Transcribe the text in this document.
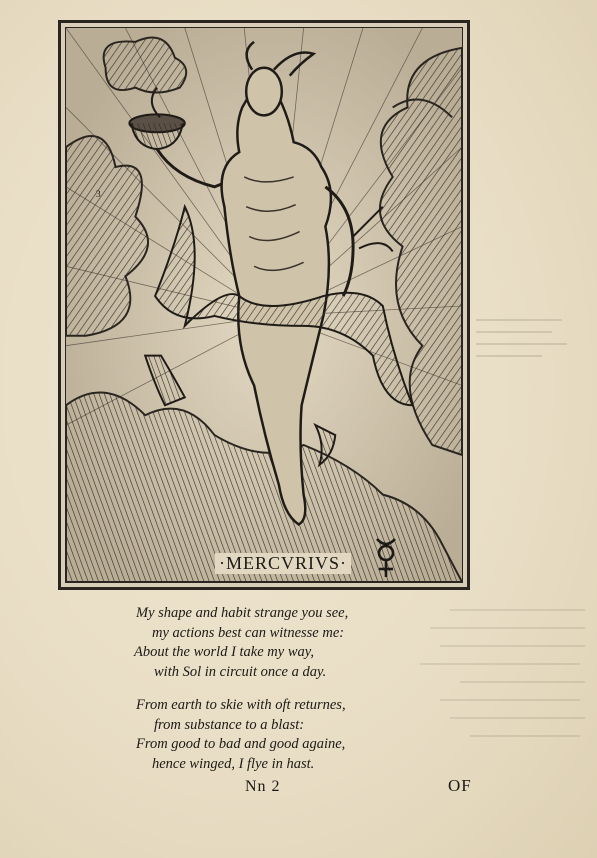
3
·MERCVRIVS·
My shape and habit strange you see,
my actions best can witnesse me:
About the world I take my way,
with Sol in circuit once a day.
From earth to skie with oft returnes,
from substance to a blast:
From good to bad and good againe,
hence winged, I flye in hast.
Nn 2	OF
